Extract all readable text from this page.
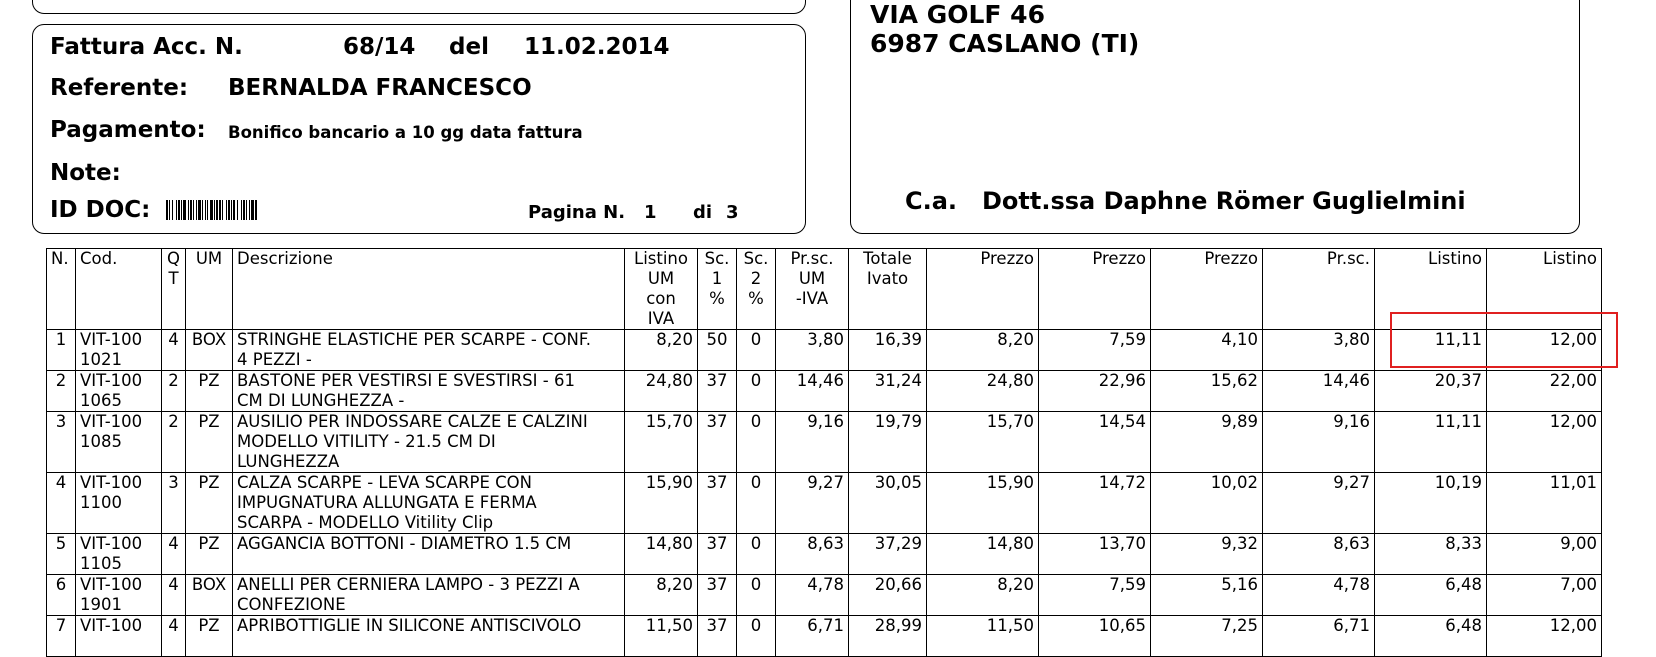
Fattura Acc. N.	68/14 del 11.02.2014
Referente: BERNALDA FRANCESCO
Pagamento: Bonifico bancario a 10 gg data fattura
Note:
ID DOC:	Pagina N. 1 di 3
VIA GOLF 46
6987 CASLANO (TI)
C.a. Dott.ssa Daphne Römer Guglielmini
N.	Cod.	Q
T	UM	Descrizione	Listino
UM
con
IVA	Sc.
1
%	Sc.
2
%	Pr.sc.
UM
-IVA	Totale
Ivato	Prezzo	Prezzo	Prezzo	Pr.sc.	Listino	Listino
1	VIT-100
1021	4	BOX	STRINGHE ELASTICHE PER SCARPE - CONF.
4 PEZZI -	8,20	50	0	3,80	16,39	8,20	7,59	4,10	3,80	11,11	12,00
2	VIT-100
1065	2	PZ	BASTONE PER VESTIRSI E SVESTIRSI - 61
CM DI LUNGHEZZA -	24,80	37	0	14,46	31,24	24,80	22,96	15,62	14,46	20,37	22,00
3	VIT-100
1085	2	PZ	AUSILIO PER INDOSSARE CALZE E CALZINI
MODELLO VITILITY - 21.5 CM DI
LUNGHEZZA	15,70	37	0	9,16	19,79	15,70	14,54	9,89	9,16	11,11	12,00
4	VIT-100
1100	3	PZ	CALZA SCARPE - LEVA SCARPE CON
IMPUGNATURA ALLUNGATA E FERMA
SCARPA - MODELLO Vitility Clip	15,90	37	0	9,27	30,05	15,90	14,72	10,02	9,27	10,19	11,01
5	VIT-100
1105	4	PZ	AGGANCIA BOTTONI - DIAMETRO 1.5 CM	14,80	37	0	8,63	37,29	14,80	13,70	9,32	8,63	8,33	9,00
6	VIT-100
1901	4	BOX	ANELLI PER CERNIERA LAMPO - 3 PEZZI A
CONFEZIONE	8,20	37	0	4,78	20,66	8,20	7,59	5,16	4,78	6,48	7,00
7	VIT-100	4	PZ	APRIBOTTIGLIE IN SILICONE ANTISCIVOLO	11,50	37	0	6,71	28,99	11,50	10,65	7,25	6,71	6,48	12,00
